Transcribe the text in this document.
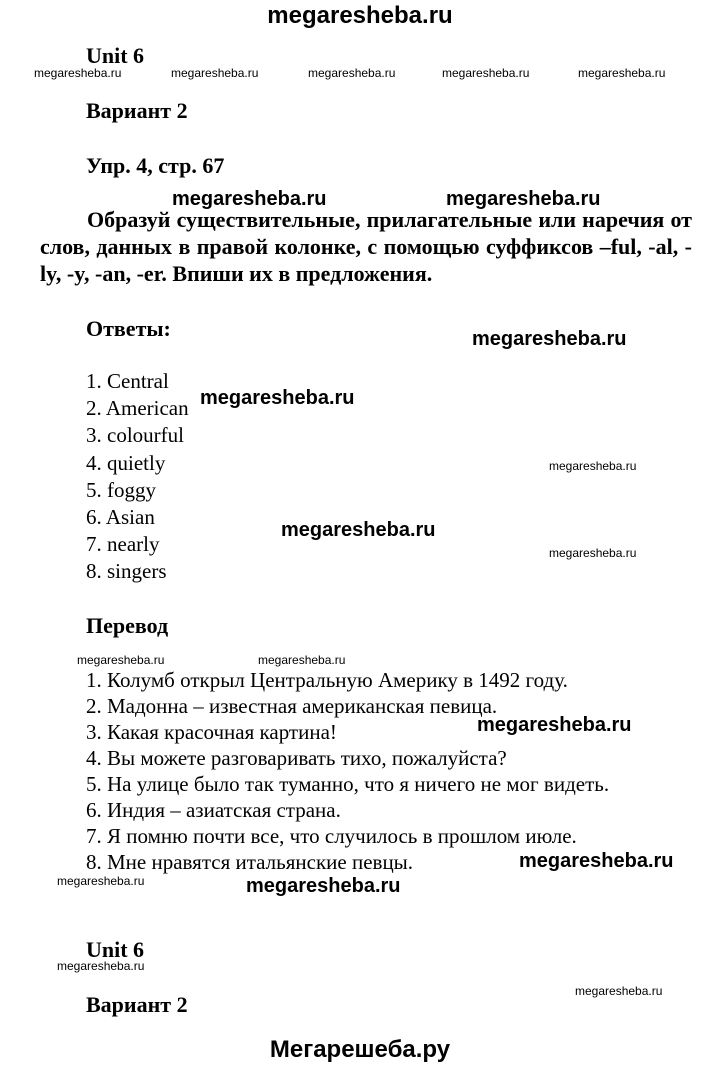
megaresheba.ru
Мегарешеба.ру
Unit 6
Вариант 2
Упр. 4, стр. 67
Образуй существительные, прилагательные или наречия от слов, данных в правой колонке, с помощью суффиксов –ful, -al, -ly, -y, -an, -er. Впиши их в предложения.
Ответы:
1. Central
2. American
3. colourful
4. quietly
5. foggy
6. Asian
7. nearly
8. singers
Перевод
1. Колумб открыл Центральную Америку в 1492 году.
2. Мадонна – известная американская певица.
3. Какая красочная картина!
4. Вы можете разговаривать тихо, пожалуйста?
5. На улице было так туманно, что я ничего не мог видеть.
6. Индия – азиатская страна.
7. Я помню почти все, что случилось в прошлом июле.
8. Мне нравятся итальянские певцы.
Unit 6
Вариант 2
megaresheba.ru	megaresheba.ru	megaresheba.ru	megaresheba.ru	megaresheba.ru
megaresheba.ru
megaresheba.ru
megaresheba.ru	megaresheba.ru
megaresheba.ru
megaresheba.ru
megaresheba.ru
megaresheba.ru	megaresheba.ru
megaresheba.ru
megaresheba.ru
megaresheba.ru
megaresheba.ru
megaresheba.ru
megaresheba.ru
